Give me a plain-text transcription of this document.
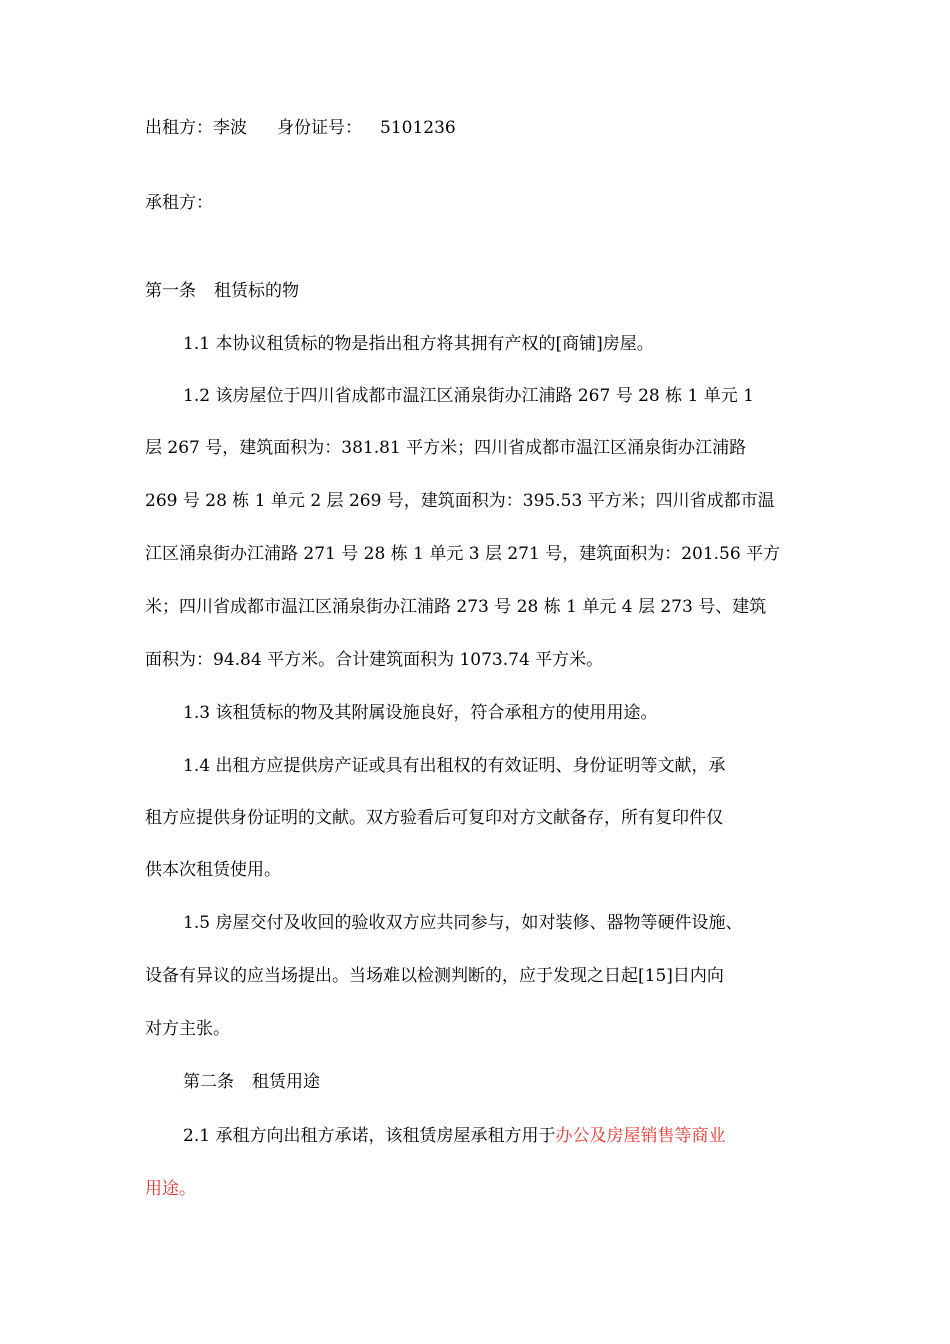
出租方：李波 身份证号： 5101236
承租方：
第一条 租赁标的物
1.1 本协议租赁标的物是指出租方将其拥有产权的[商铺]房屋。
1.2 该房屋位于四川省成都市温江区涌泉街办江浦路 267 号 28 栋 1 单元 1
层 267 号，建筑面积为：381.81 平方米；四川省成都市温江区涌泉街办江浦路
269 号 28 栋 1 单元 2 层 269 号，建筑面积为：395.53 平方米；四川省成都市温
江区涌泉街办江浦路 271 号 28 栋 1 单元 3 层 271 号，建筑面积为：201.56 平方
米；四川省成都市温江区涌泉街办江浦路 273 号 28 栋 1 单元 4 层 273 号、建筑
面积为：94.84 平方米。合计建筑面积为 1073.74 平方米。
1.3 该租赁标的物及其附属设施良好，符合承租方的使用用途。
1.4 出租方应提供房产证或具有出租权的有效证明、身份证明等文献，承
租方应提供身份证明的文献。双方验看后可复印对方文献备存，所有复印件仅
供本次租赁使用。
1.5 房屋交付及收回的验收双方应共同参与，如对装修、器物等硬件设施、
设备有异议的应当场提出。当场难以检测判断的，应于发现之日起[15]日内向
对方主张。
第二条 租赁用途
2.1 承租方向出租方承诺，该租赁房屋承租方用于办公及房屋销售等商业
用途。
